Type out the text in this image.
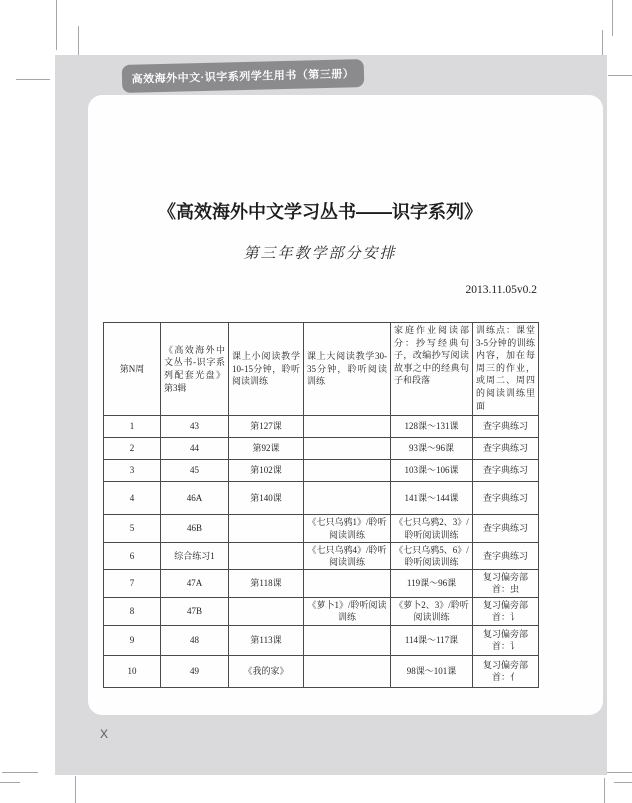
高效海外中文·识字系列学生用书（第三册）
《高效海外中文学习丛书——识字系列》
第三年教学部分安排
2013.11.05v0.2
第N周	《高效海外中文丛书-识字系列配套光盘》第3辑	课上小阅读教学10-15分钟，聆听阅读训练	课上大阅读教学30-35分钟，聆听阅读训练	家庭作业阅读部分：抄写经典句子，改编抄写阅读故事之中的经典句子和段落	训练点：课堂3-5分钟的训练内容，加在每周三的作业，或周二、周四的阅读训练里面
1	43	第127课		128课～131课	查字典练习
2	44	第92课		93课～96课	查字典练习
3	45	第102课		103课～106课	查字典练习
4	46A	第140课		141课～144课	查字典练习
5	46B		《七只乌鸦1》/聆听阅读训练	《七只乌鸦2、3》/聆听阅读训练	查字典练习
6	综合练习1		《七只乌鸦4》/聆听阅读训练	《七只乌鸦5、6》/聆听阅读训练	查字典练习
7	47A	第118课		119课～96课	复习偏旁部首：虫
8	47B		《萝卜1》/聆听阅读训练	《萝卜2、3》/聆听阅读训练	复习偏旁部首：讠
9	48	第113课		114课～117课	复习偏旁部首：讠
10	49	《我的家》		98课～101课	复习偏旁部首：亻
X
